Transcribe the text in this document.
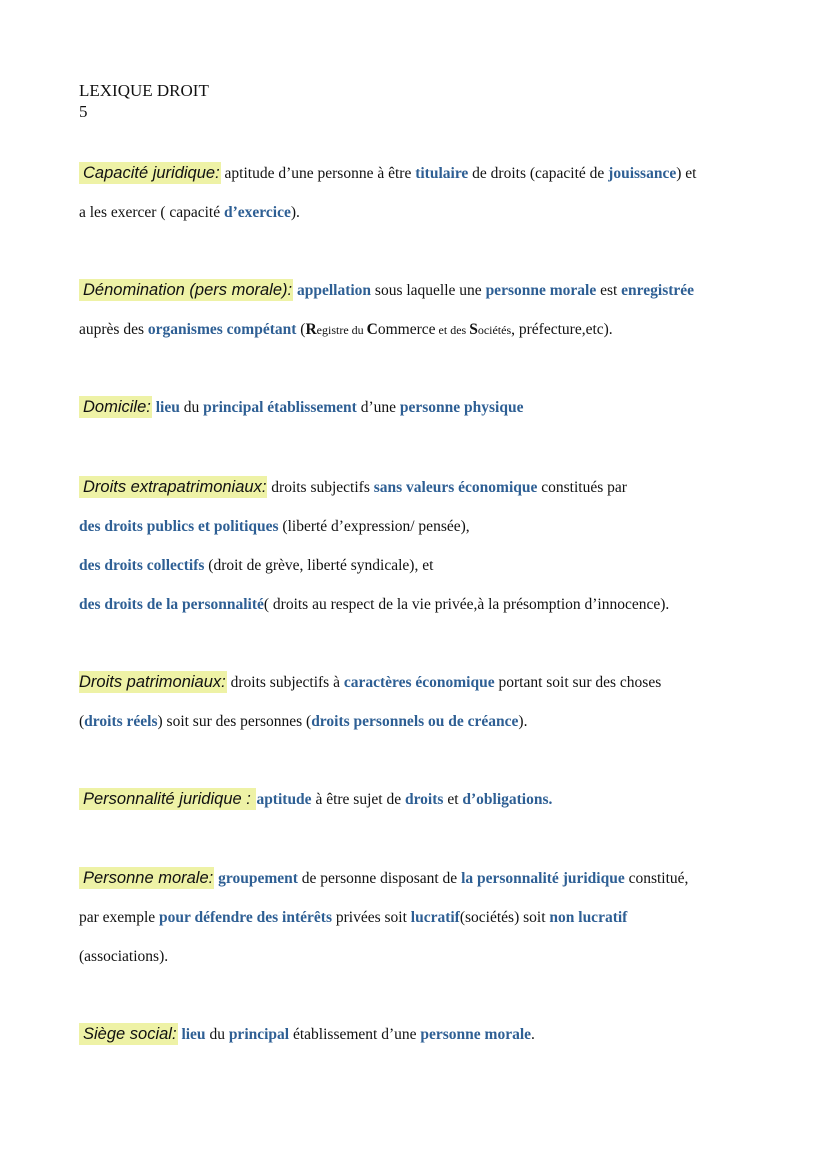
LEXIQUE DROIT
5
Capacité juridique: aptitude d’une personne à être titulaire de droits (capacité de jouissance) et
a les exercer ( capacité d’exercice).
Dénomination (pers morale): appellation sous laquelle une personne morale est enregistrée
auprès des organismes compétant (Registre du Commerce et des Sociétés, préfecture,etc).
Domicile: lieu du principal établissement d’une personne physique
Droits extrapatrimoniaux: droits subjectifs sans valeurs économique constitués par
des droits publics et politiques (liberté d’expression/ pensée),
des droits collectifs (droit de grève, liberté syndicale), et
des droits de la personnalité( droits au respect de la vie privée,à la présomption d’innocence).
Droits patrimoniaux: droits subjectifs à caractères économique portant soit sur des choses
(droits réels) soit sur des personnes (droits personnels ou de créance).
Personnalité juridique : aptitude à être sujet de droits et d’obligations.
Personne morale: groupement de personne disposant de la personnalité juridique constitué,
par exemple pour défendre des intérêts privées soit lucratif(sociétés) soit non lucratif
(associations).
Siège social: lieu du principal établissement d’une personne morale.
